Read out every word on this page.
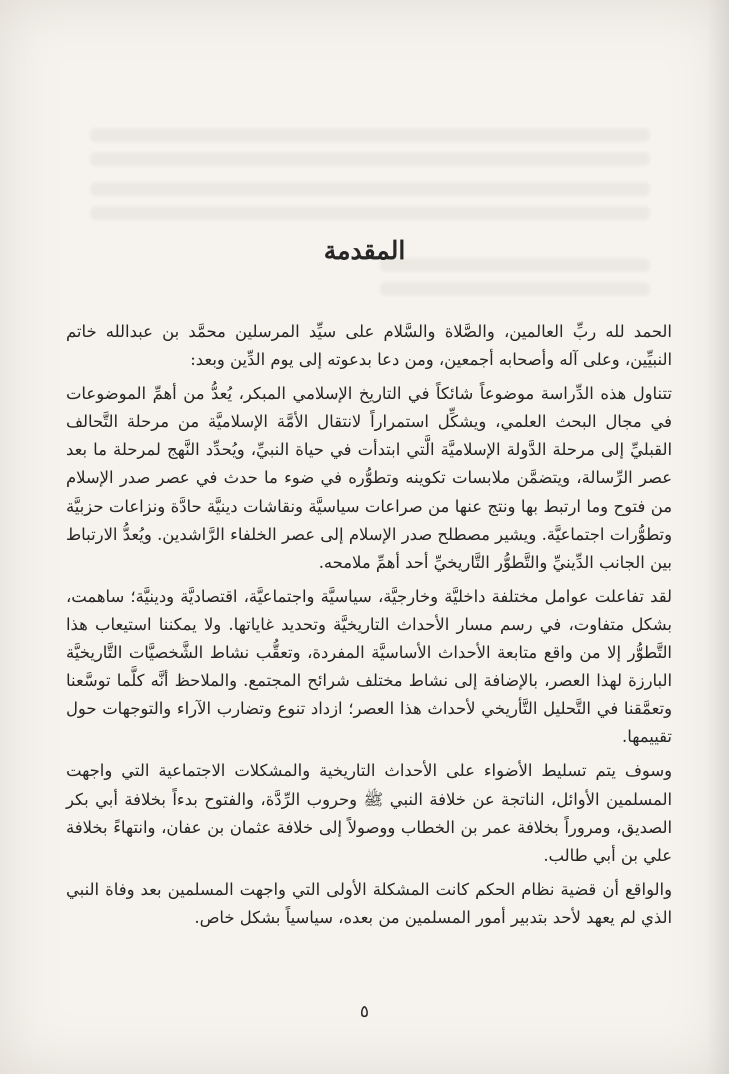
المقدمة

الحمد لله ربِّ العالمين، والصَّلاة والسَّلام على سيِّد المرسلين محمَّد بن عبدالله خاتم النبيِّين، وعلى آله وأصحابه أجمعين، ومن دعا بدعوته إلى يوم الدِّين وبعد:

تتناول هذه الدِّراسة موضوعاً شائكاً في التاريخ الإسلامي المبكر، يُعدُّ من أهمِّ الموضوعات في مجال البحث العلمي، ويشكِّل استمراراً لانتقال الأمَّة الإسلاميَّة من مرحلة التَّحالف القبليِّ إلى مرحلة الدَّولة الإسلاميَّة الَّتي ابتدأت في حياة النبيِّ، ويُحدِّد النَّهج لمرحلة ما بعد عصر الرِّسالة، ويتضمَّن ملابسات تكوينه وتطوُّره في ضوء ما حدث في عصر صدر الإسلام من فتوح وما ارتبط بها ونتج عنها من صراعات سياسيَّة ونقاشات دينيَّة حادَّة ونزاعات حزبيَّة وتطوُّرات اجتماعيَّة. ويشير مصطلح صدر الإسلام إلى عصر الخلفاء الرَّاشدين. ويُعدُّ الارتباط بين الجانب الدِّينيِّ والتَّطوُّر التَّاريخيِّ أحد أهمِّ ملامحه.

لقد تفاعلت عوامل مختلفة داخليَّة وخارجيَّة، سياسيَّة واجتماعيَّة، اقتصاديَّة ودينيَّة؛ ساهمت، بشكل متفاوت، في رسم مسار الأحداث التاريخيَّة وتحديد غاياتها. ولا يمكننا استيعاب هذا التَّطوُّر إلا من واقع متابعة الأحداث الأساسيَّة المفردة، وتعقُّب نشاط الشَّخصيَّات التَّاريخيَّة البارزة لهذا العصر، بالإضافة إلى نشاط مختلف شرائح المجتمع. والملاحظ أنَّه كلَّما توسَّعنا وتعمَّقنا في التَّحليل التَّأريخي لأحداث هذا العصر؛ ازداد تنوع وتضارب الآراء والتوجهات حول تقييمها.

وسوف يتم تسليط الأضواء على الأحداث التاريخية والمشكلات الاجتماعية التي واجهت المسلمين الأوائل، الناتجة عن خلافة النبي ﷺ وحروب الرِّدَّة، والفتوح بدءاً بخلافة أبي بكر الصديق، ومروراً بخلافة عمر بن الخطاب ووصولاً إلى خلافة عثمان بن عفان، وانتهاءً بخلافة علي بن أبي طالب.

والواقع أن قضية نظام الحكم كانت المشكلة الأولى التي واجهت المسلمين بعد وفاة النبي الذي لم يعهد لأحد بتدبير أمور المسلمين من بعده، سياسياً بشكل خاص.

٥
